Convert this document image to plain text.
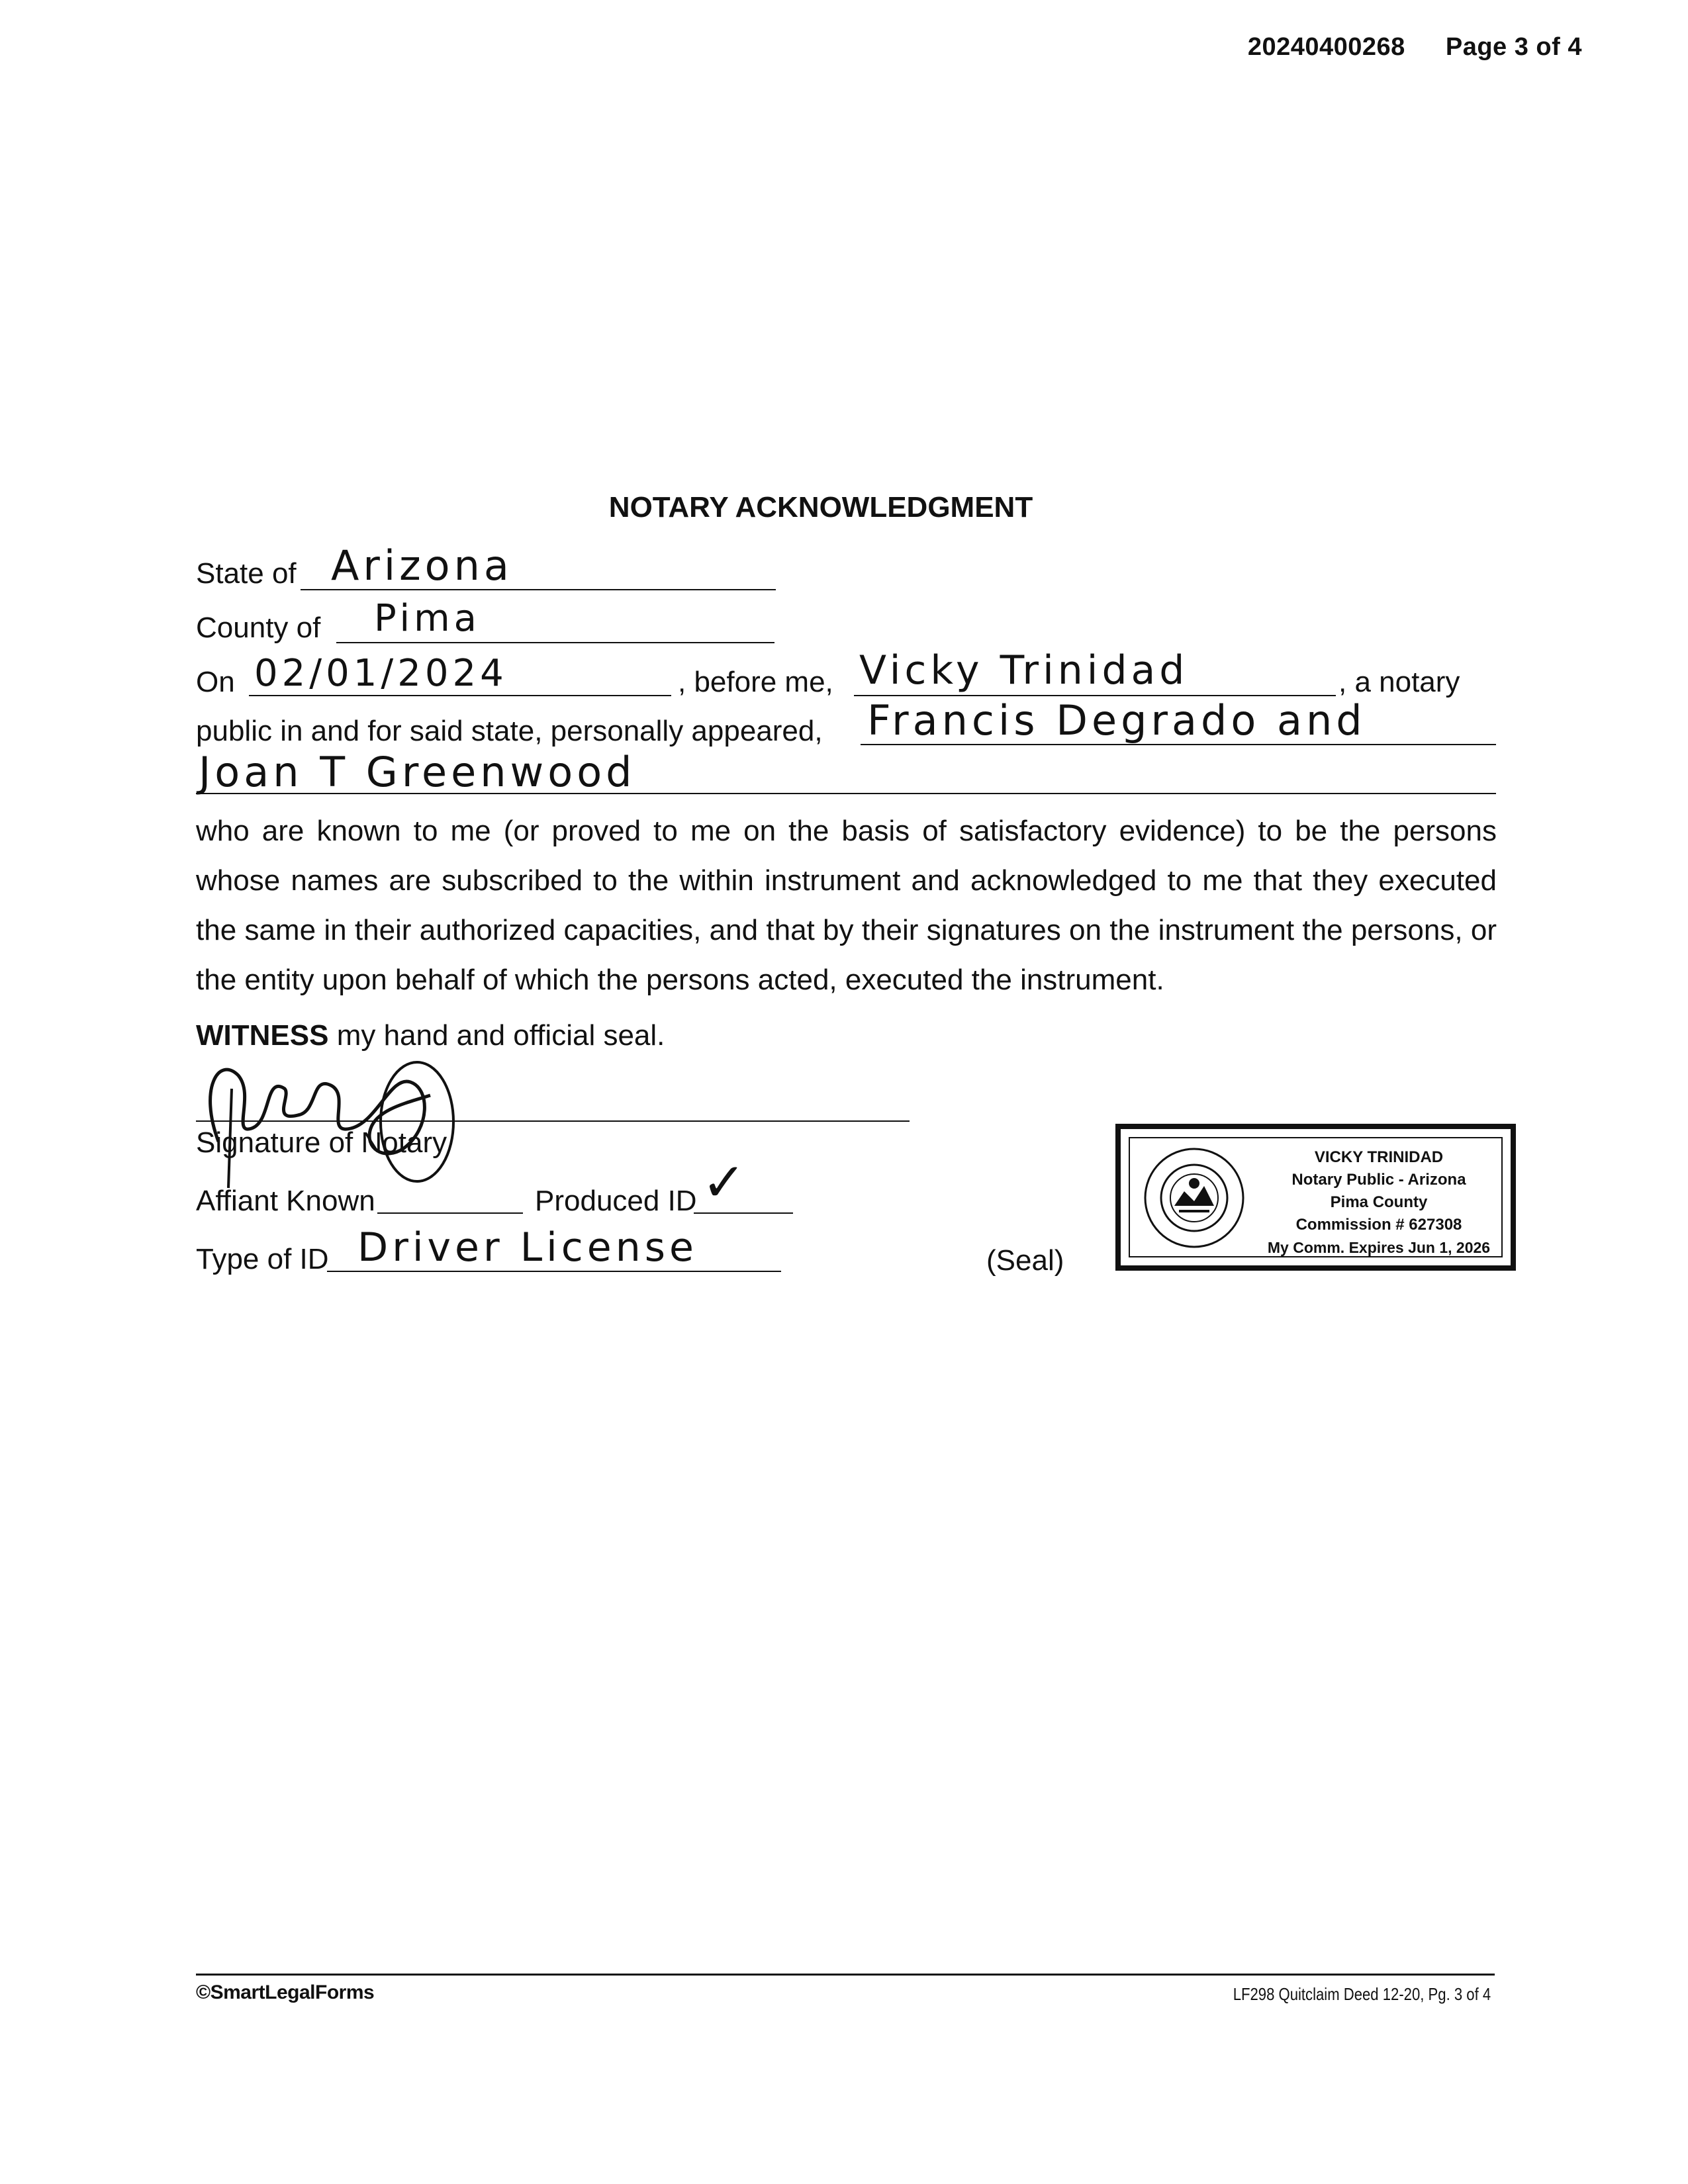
20240400268 Page 3 of 4
NOTARY ACKNOWLEDGMENT
State of Arizona
County of Pima
On 02/01/2024	, before me, Vicky Trinidad	, a notary
public in and for said state, personally appeared, Francis Degrado and
Joan T Greenwood

who are known to me (or proved to me on the basis of satisfactory evidence) to be the persons whose names are subscribed to the within instrument and acknowledged to me that they executed the same in their authorized capacities, and that by their signatures on the instrument the persons, or the entity upon behalf of which the persons acted, executed the instrument.

WITNESS my hand and official seal.
Signature of Notary
Affiant Known	Produced ID ✓
Type of ID Driver License	(Seal)
VICKY TRINIDAD
Notary Public - Arizona
Pima County
Commission # 627308
My Comm. Expires Jun 1, 2026
©SmartLegalForms	LF298 Quitclaim Deed 12-20, Pg. 3 of 4
